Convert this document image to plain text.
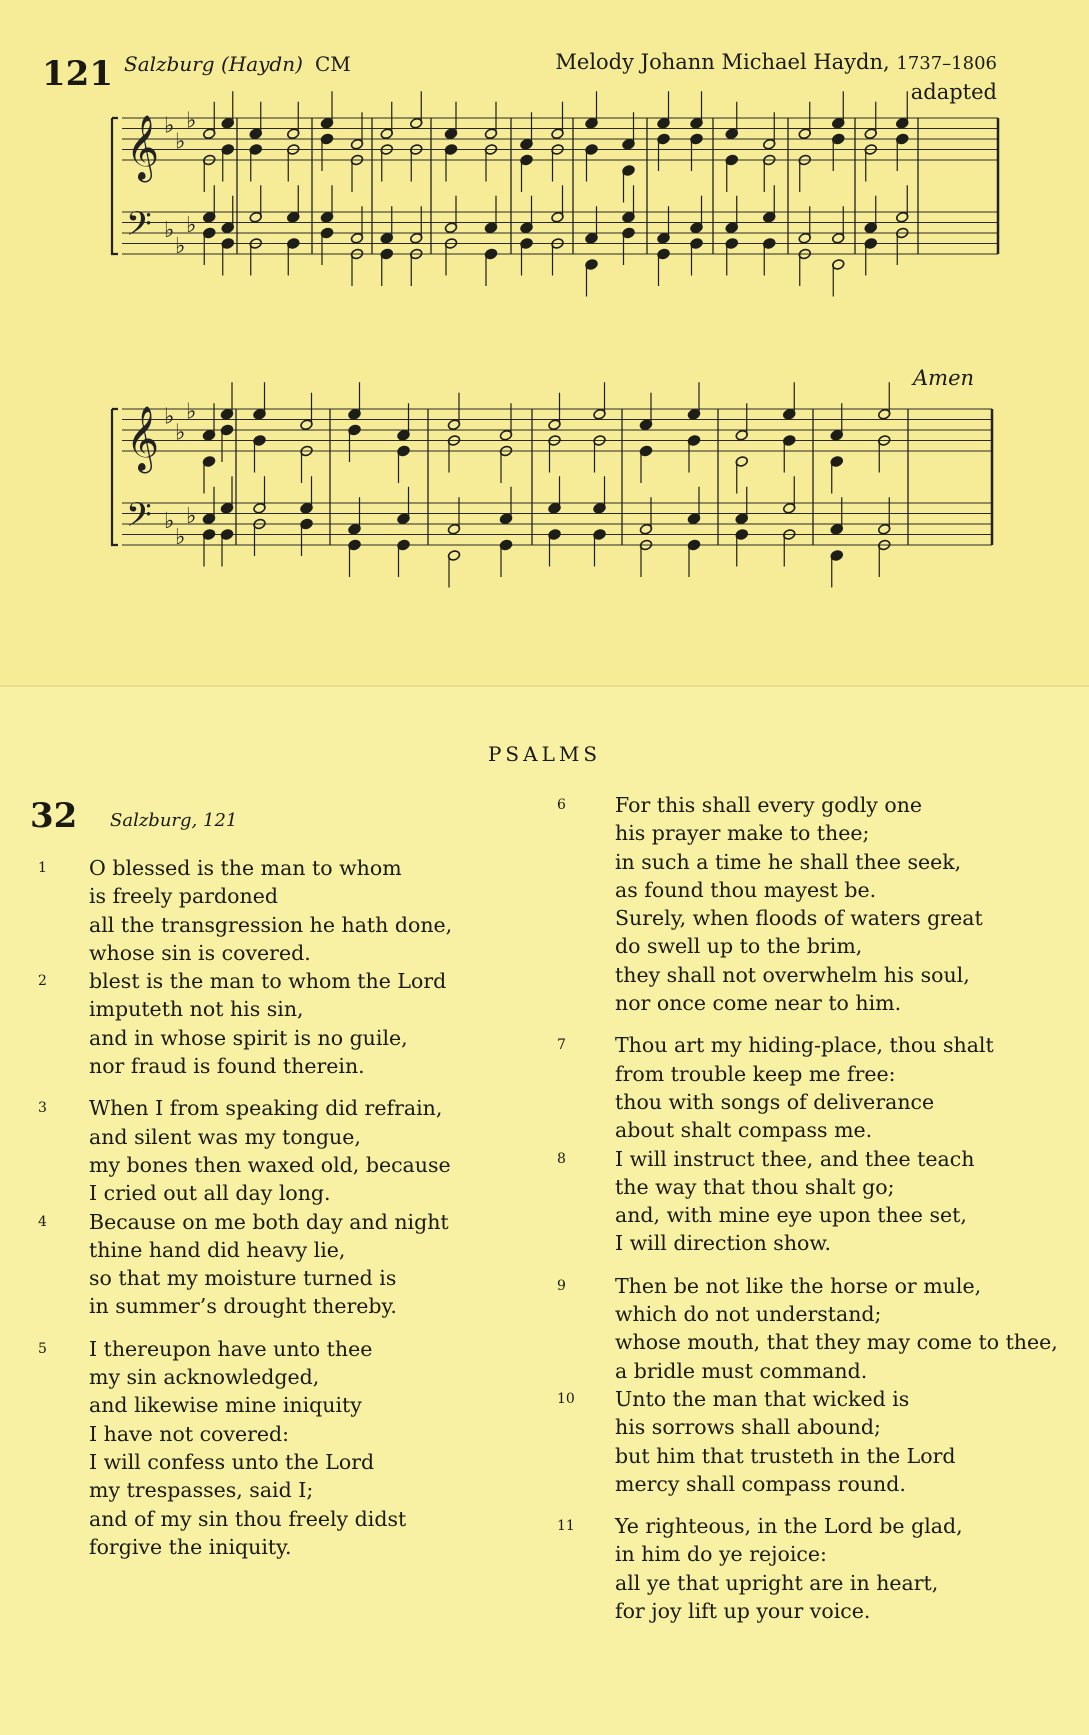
121 Salzburg (Haydn) CM	Melody Johann Michael Haydn, 1737–1806
adapted
𝄞 ♭
♭
♭
𝄢 ♭
♭
♭
𝄞 ♭
♭
♭
𝄢 ♭
♭
♭
Amen
PSALMS
32 Salzburg, 121
1	O blessed is the man to whom
is freely pardoned
all the transgression he hath done,
whose sin is covered.
2	blest is the man to whom the Lord
imputeth not his sin,
and in whose spirit is no guile,
nor fraud is found therein.
3	When I from speaking did refrain,
and silent was my tongue,
my bones then waxed old, because
I cried out all day long.
4	Because on me both day and night
thine hand did heavy lie,
so that my moisture turned is
in summer’s drought thereby.
5	I thereupon have unto thee
my sin acknowledged,
and likewise mine iniquity
I have not covered:
I will confess unto the Lord
my trespasses, said I;
and of my sin thou freely didst
forgive the iniquity.
6	For this shall every godly one
his prayer make to thee;
in such a time he shall thee seek,
as found thou mayest be.
Surely, when floods of waters great
do swell up to the brim,
they shall not overwhelm his soul,
nor once come near to him.
7	Thou art my hiding-place, thou shalt
from trouble keep me free:
thou with songs of deliverance
about shalt compass me.
8	I will instruct thee, and thee teach
the way that thou shalt go;
and, with mine eye upon thee set,
I will direction show.
9	Then be not like the horse or mule,
which do not understand;
whose mouth, that they may come to thee,
a bridle must command.
10	Unto the man that wicked is
his sorrows shall abound;
but him that trusteth in the Lord
mercy shall compass round.
11	Ye righteous, in the Lord be glad,
in him do ye rejoice:
all ye that upright are in heart,
for joy lift up your voice.
